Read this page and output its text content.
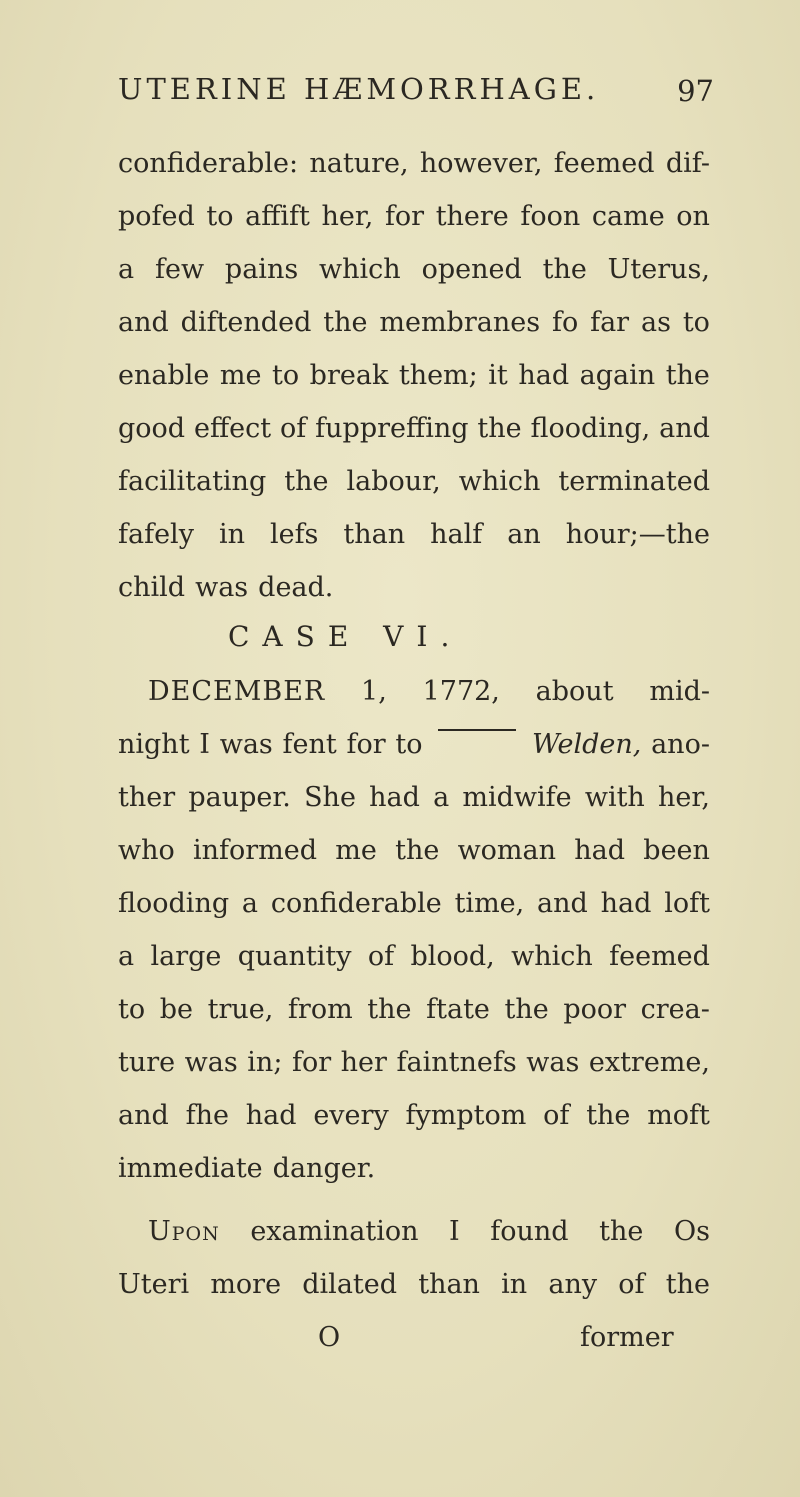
UTERINE HÆMORRHAGE.	97
confiderable: nature, however, feemed dif-
pofed to affift her, for there foon came on
a few pains which opened the Uterus,
and diftended the membranes fo far as to
enable me to break them; it had again the
good effect of fuppreffing the flooding, and
facilitating the labour, which terminated
fafely in lefs than half an hour;—the
child was dead.
CASE VI.
DECEMBER 1, 1772, about mid-
night I was fent for to	Welden, ano-
ther pauper. She had a midwife with her,
who informed me the woman had been
flooding a confiderable time, and had loft
a large quantity of blood, which feemed
to be true, from the ftate the poor crea-
ture was in; for her faintnefs was extreme,
and fhe had every fymptom of the moft
immediate danger.
Upon examination I found the Os
Uteri more dilated than in any of the
O	former
